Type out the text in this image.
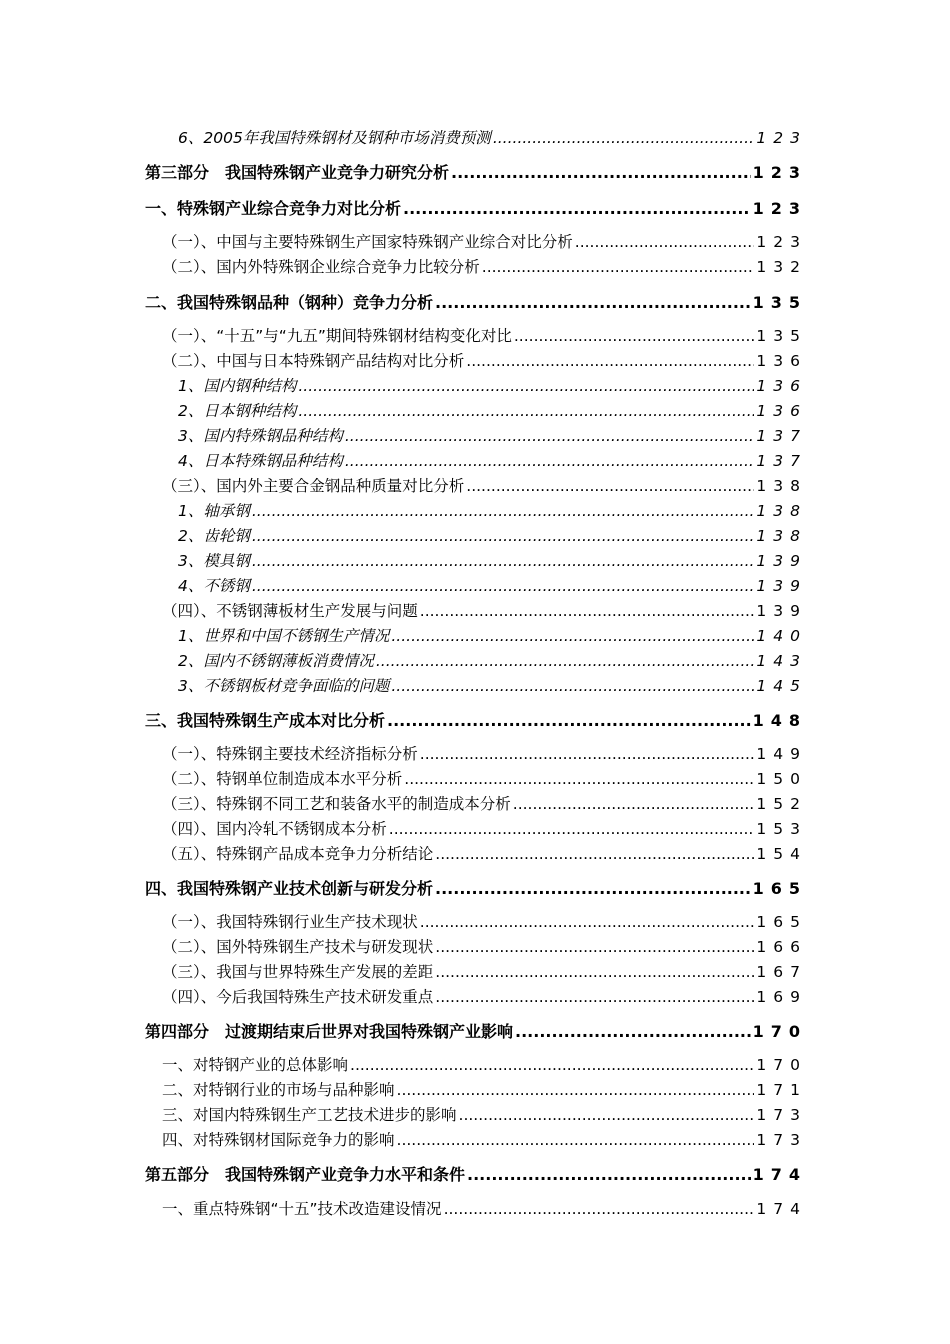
6、2005年我国特殊钢材及钢种市场消费预测 .....	123
第三部分　我国特殊钢产业竞争力研究分析 .....	123
一、特殊钢产业综合竞争力对比分析 .....	123
（一）、中国与主要特殊钢生产国家特殊钢产业综合对比分析 .....	123
（二）、国内外特殊钢企业综合竞争力比较分析 .....	132
二、我国特殊钢品种（钢种）竞争力分析 .....	135
（一）、“十五”与“九五”期间特殊钢材结构变化对比 .....	135
（二）、中国与日本特殊钢产品结构对比分析 .....	136
1、国内钢种结构 .....	136
2、日本钢种结构 .....	136
3、国内特殊钢品种结构 .....	137
4、日本特殊钢品种结构 .....	137
（三）、国内外主要合金钢品种质量对比分析 .....	138
1、轴承钢 .....	138
2、齿轮钢 .....	138
3、模具钢 .....	139
4、不锈钢 .....	139
（四）、不锈钢薄板材生产发展与问题 .....	139
1、世界和中国不锈钢生产情况 .....	140
2、国内不锈钢薄板消费情况 .....	143
3、不锈钢板材竞争面临的问题 .....	145
三、我国特殊钢生产成本对比分析 .....	148
（一）、特殊钢主要技术经济指标分析 .....	149
（二）、特钢单位制造成本水平分析 .....	150
（三）、特殊钢不同工艺和装备水平的制造成本分析 .....	152
（四）、国内冷轧不锈钢成本分析 .....	153
（五）、特殊钢产品成本竞争力分析结论 .....	154
四、我国特殊钢产业技术创新与研发分析 .....	165
（一）、我国特殊钢行业生产技术现状 .....	165
（二）、国外特殊钢生产技术与研发现状 .....	166
（三）、我国与世界特殊生产发展的差距 .....	167
（四）、今后我国特殊生产技术研发重点 .....	169
第四部分　过渡期结束后世界对我国特殊钢产业影响 .....	170
一、对特钢产业的总体影响 .....	170
二、对特钢行业的市场与品种影响 .....	171
三、对国内特殊钢生产工艺技术进步的影响 .....	173
四、对特殊钢材国际竞争力的影响 .....	173
第五部分　我国特殊钢产业竞争力水平和条件 .....	174
一、重点特殊钢“十五”技术改造建设情况 .....	174
